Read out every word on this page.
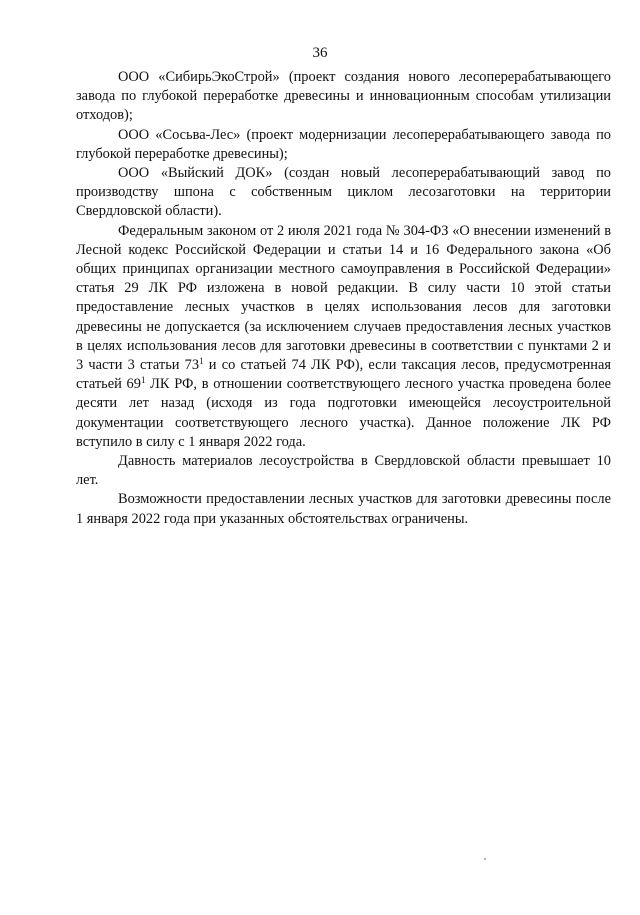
36

ООО «СибирьЭкоСтрой» (проект создания нового лесоперерабатывающего завода по глубокой переработке древесины и инновационным способам утилизации отходов);

ООО «Сосьва-Лес» (проект модернизации лесоперерабатывающего завода по глубокой переработке древесины);

ООО «Выйский ДОК» (создан новый лесоперерабатывающий завод по производству шпона с собственным циклом лесозаготовки на территории Свердловской области).

Федеральным законом от 2 июля 2021 года № 304-ФЗ «О внесении изменений в Лесной кодекс Российской Федерации и статьи 14 и 16 Федерального закона «Об общих принципах организации местного самоуправления в Российской Федерации» статья 29 ЛК РФ изложена в новой редакции. В силу части 10 этой статьи предоставление лесных участков в целях использования лесов для заготовки древесины не допускается (за исключением случаев предоставления лесных участков в целях использования лесов для заготовки древесины в соответствии с пунктами 2 и 3 части 3 статьи $73^1$ и со статьей 74 ЛК РФ), если таксация лесов, предусмотренная статьей $69^1$ ЛК РФ, в отношении соответствующего лесного участка проведена более десяти лет назад (исходя из года подготовки имеющейся лесоустроительной документации соответствующего лесного участка). Данное положение ЛК РФ вступило в силу с 1 января 2022 года.

Давность материалов лесоустройства в Свердловской области превышает 10 лет.

Возможности предоставлении лесных участков для заготовки древесины после 1 января 2022 года при указанных обстоятельствах ограничены.
